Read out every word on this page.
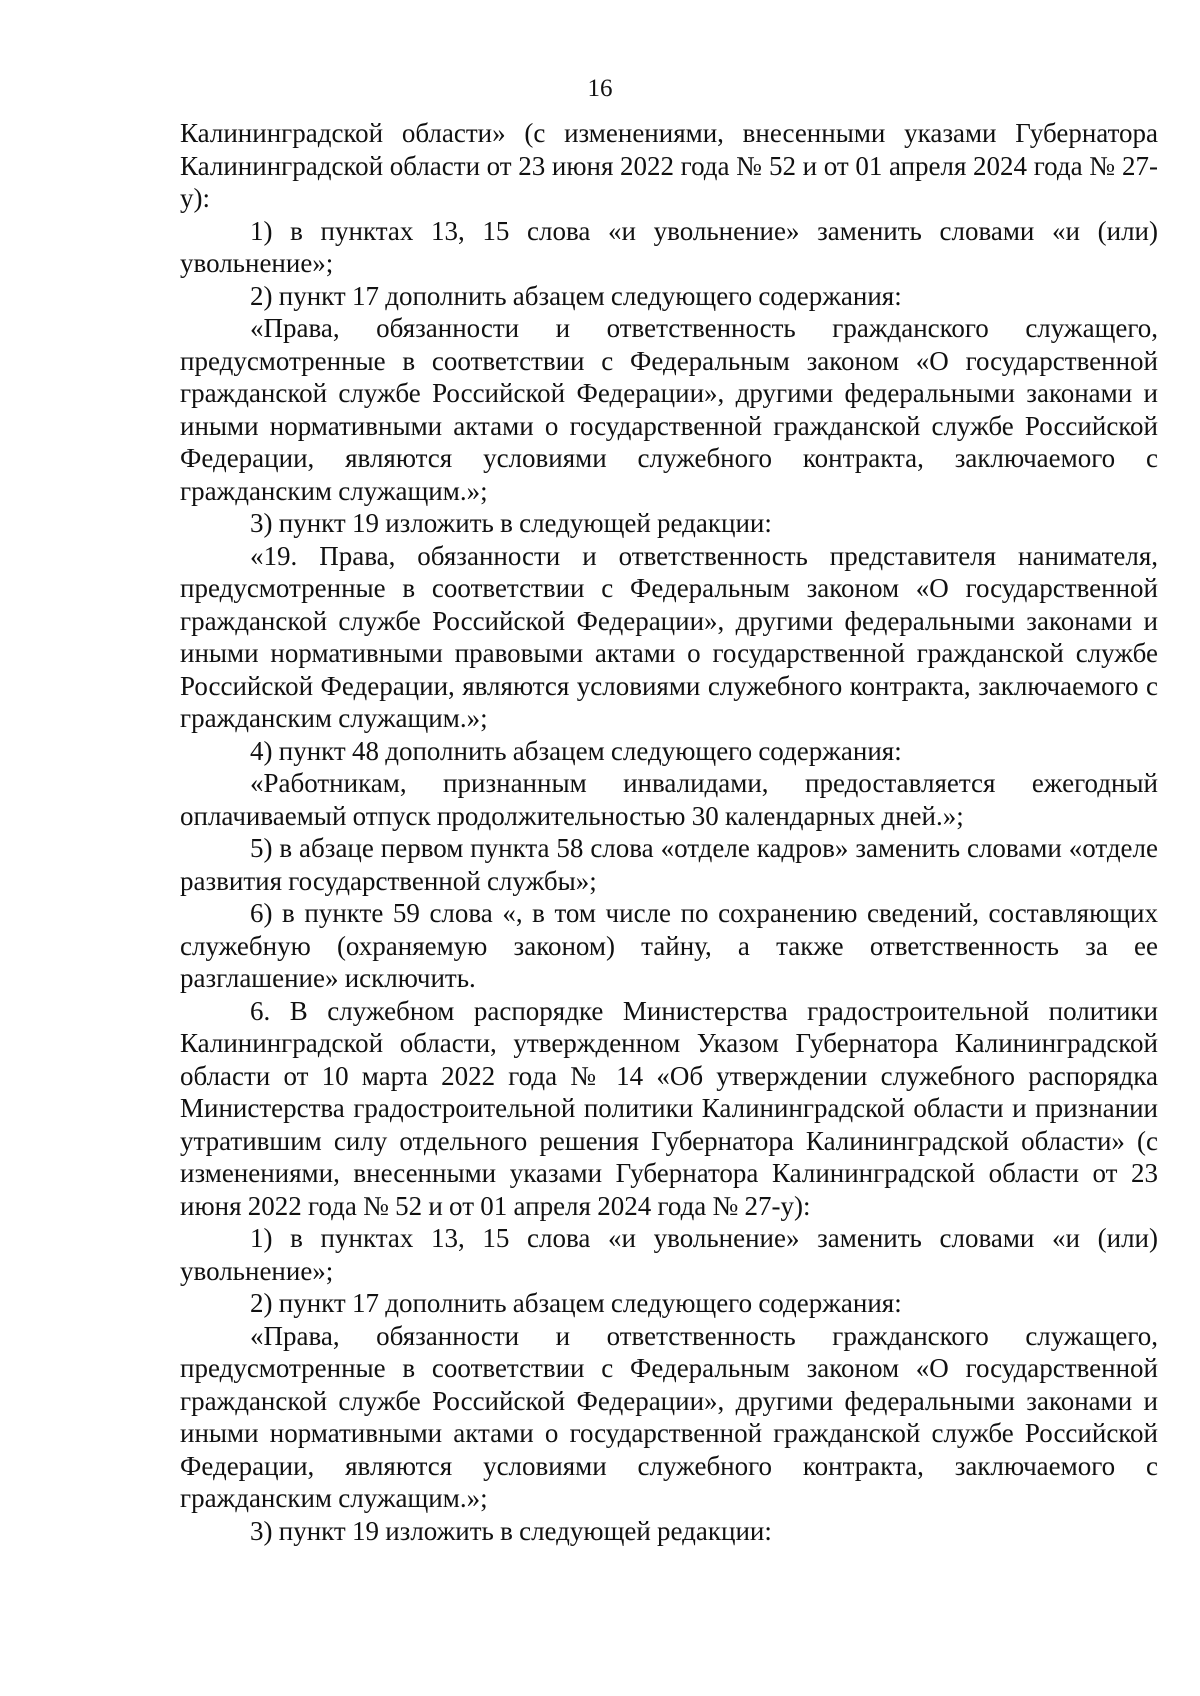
16

Калининградской области» (с изменениями, внесенными указами Губернатора Калининградской области от 23 июня 2022 года № 52 и от 01 апреля 2024 года № 27-у):

1) в пунктах 13, 15 слова «и увольнение» заменить словами «и (или) увольнение»;

2) пункт 17 дополнить абзацем следующего содержания:

«Права, обязанности и ответственность гражданского служащего, предусмотренные в соответствии с Федеральным законом «О государственной гражданской службе Российской Федерации», другими федеральными законами и иными нормативными актами о государственной гражданской службе Российской Федерации, являются условиями служебного контракта, заключаемого с гражданским служащим.»;

3) пункт 19 изложить в следующей редакции:

«19. Права, обязанности и ответственность представителя нанимателя, предусмотренные в соответствии с Федеральным законом «О государственной гражданской службе Российской Федерации», другими федеральными законами и иными нормативными правовыми актами о государственной гражданской службе Российской Федерации, являются условиями служебного контракта, заключаемого с гражданским служащим.»;

4) пункт 48 дополнить абзацем следующего содержания:

«Работникам, признанным инвалидами, предоставляется ежегодный оплачиваемый отпуск продолжительностью 30 календарных дней.»;

5) в абзаце первом пункта 58 слова «отделе кадров» заменить словами «отделе развития государственной службы»;

6) в пункте 59 слова «, в том числе по сохранению сведений, составляющих служебную (охраняемую законом) тайну, а также ответственность за ее разглашение» исключить.

6. В служебном распорядке Министерства градостроительной политики Калининградской области, утвержденном Указом Губернатора Калининградской области от 10 марта 2022 года № 14 «Об утверждении служебного распорядка Министерства градостроительной политики Калининградской области и признании утратившим силу отдельного решения Губернатора Калининградской области» (с изменениями, внесенными указами Губернатора Калининградской области от 23 июня 2022 года № 52 и от 01 апреля 2024 года № 27-у):

1) в пунктах 13, 15 слова «и увольнение» заменить словами «и (или) увольнение»;

2) пункт 17 дополнить абзацем следующего содержания:

«Права, обязанности и ответственность гражданского служащего, предусмотренные в соответствии с Федеральным законом «О государственной гражданской службе Российской Федерации», другими федеральными законами и иными нормативными актами о государственной гражданской службе Российской Федерации, являются условиями служебного контракта, заключаемого с гражданским служащим.»;

3) пункт 19 изложить в следующей редакции:
